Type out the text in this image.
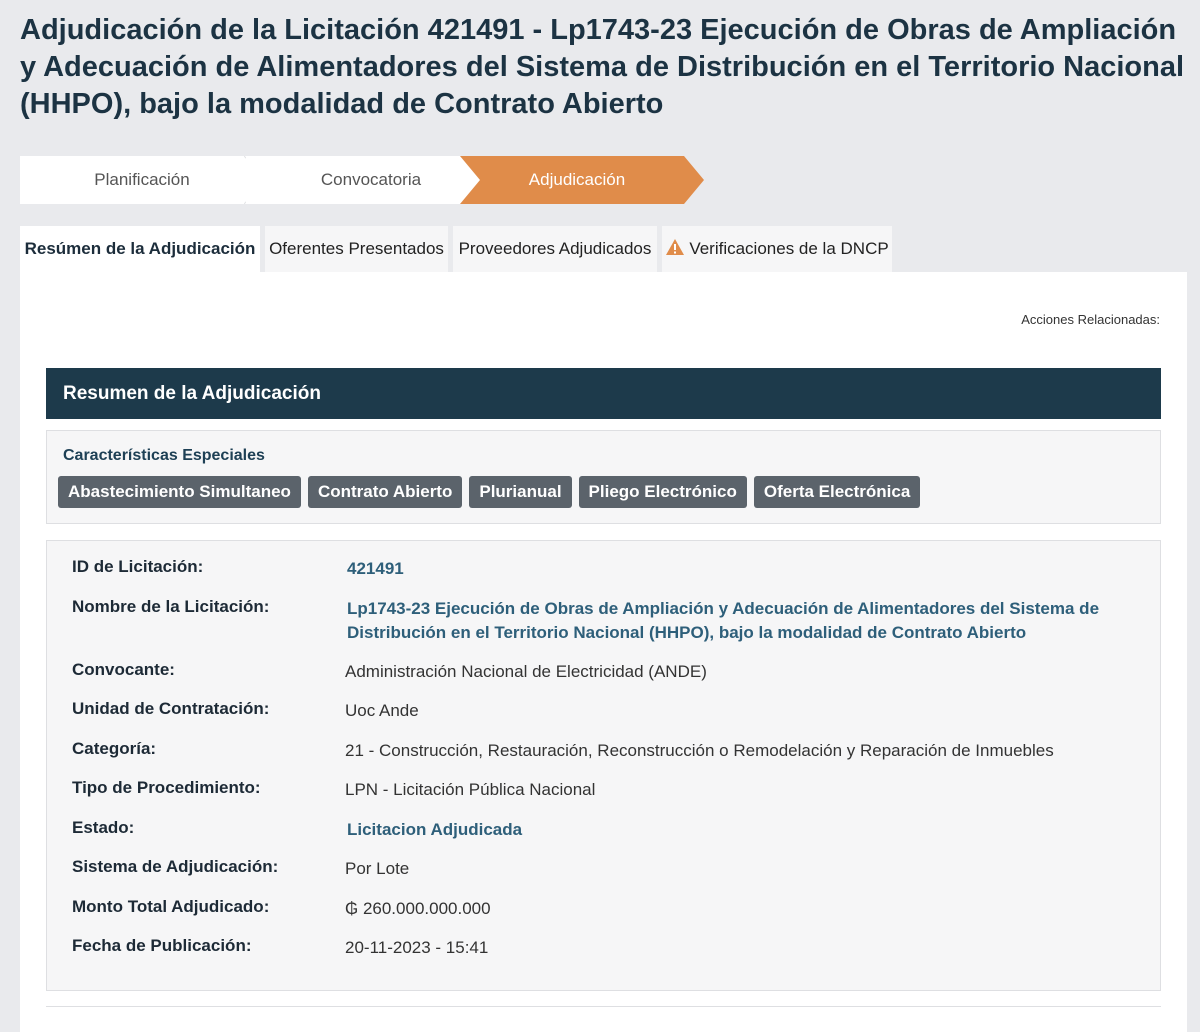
Adjudicación de la Licitación 421491 - Lp1743-23 Ejecución de Obras de Ampliación y Adecuación de Alimentadores del Sistema de Distribución en el Territorio Nacional (HHPO), bajo la modalidad de Contrato Abierto
Planificación	Convocatoria	Adjudicación
Resúmen de la Adjudicación Oferentes Presentados Proveedores Adjudicados	Verificaciones de la DNCP
Acciones Relacionadas:
Resumen de la Adjudicación
Características Especiales
Abastecimiento Simultaneo Contrato Abierto Plurianual Pliego Electrónico Oferta Electrónica
ID de Licitación:	421491
Nombre de la Licitación:	Lp1743-23 Ejecución de Obras de Ampliación y Adecuación de Alimentadores del Sistema de Distribución en el Territorio Nacional (HHPO), bajo la modalidad de Contrato Abierto
Convocante:	Administración Nacional de Electricidad (ANDE)
Unidad de Contratación:	Uoc Ande
Categoría:	21 - Construcción, Restauración, Reconstrucción o Remodelación y Reparación de Inmuebles
Tipo de Procedimiento:	LPN - Licitación Pública Nacional
Estado:	Licitacion Adjudicada
Sistema de Adjudicación:	Por Lote
Monto Total Adjudicado:	₲ 260.000.000.000
Fecha de Publicación:	20-11-2023 - 15:41
